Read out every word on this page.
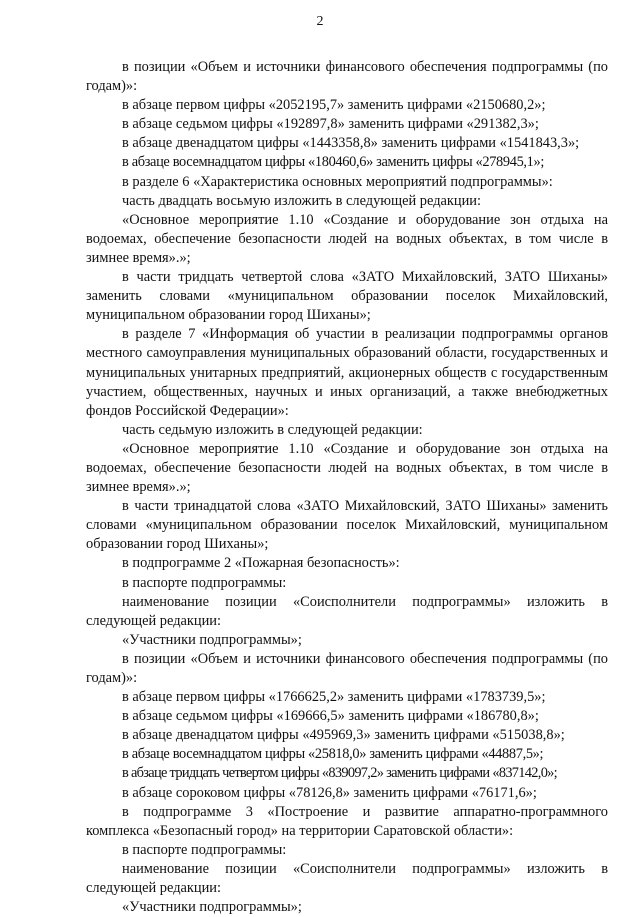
2

в позиции «Объем и источники финансового обеспечения подпрограммы (по годам)»:

в абзаце первом цифры «2052195,7» заменить цифрами «2150680,2»;

в абзаце седьмом цифры «192897,8» заменить цифрами «291382,3»;

в абзаце двенадцатом цифры «1443358,8» заменить цифрами «1541843,3»;

в абзаце восемнадцатом цифры «180460,6» заменить цифры «278945,1»;

в разделе 6 «Характеристика основных мероприятий подпрограммы»:

часть двадцать восьмую изложить в следующей редакции:

«Основное мероприятие 1.10 «Создание и оборудование зон отдыха на водоемах, обеспечение безопасности людей на водных объектах, в том числе в зимнее время».»;

в части тридцать четвертой слова «ЗАТО Михайловский, ЗАТО Шиханы» заменить словами «муниципальном образовании поселок Михайловский, муниципальном образовании город Шиханы»;

в разделе 7 «Информация об участии в реализации подпрограммы органов местного самоуправления муниципальных образований области, государственных и муниципальных унитарных предприятий, акционерных обществ с государственным участием, общественных, научных и иных организаций, а также внебюджетных фондов Российской Федерации»:

часть седьмую изложить в следующей редакции:

«Основное мероприятие 1.10 «Создание и оборудование зон отдыха на водоемах, обеспечение безопасности людей на водных объектах, в том числе в зимнее время».»;

в части тринадцатой слова «ЗАТО Михайловский, ЗАТО Шиханы» заменить словами «муниципальном образовании поселок Михайловский, муниципальном образовании город Шиханы»;

в подпрограмме 2 «Пожарная безопасность»:

в паспорте подпрограммы:

наименование позиции «Соисполнители подпрограммы» изложить в следующей редакции:

«Участники подпрограммы»;

в позиции «Объем и источники финансового обеспечения подпрограммы (по годам)»:

в абзаце первом цифры «1766625,2» заменить цифрами «1783739,5»;

в абзаце седьмом цифры «169666,5» заменить цифрами «186780,8»;

в абзаце двенадцатом цифры «495969,3» заменить цифрами «515038,8»;

в абзаце восемнадцатом цифры «25818,0» заменить цифрами «44887,5»;

в абзаце тридцать четвертом цифры «839097,2» заменить цифрами «837142,0»;

в абзаце сороковом цифры «78126,8» заменить цифрами «76171,6»;

в подпрограмме 3 «Построение и развитие аппаратно-программного комплекса «Безопасный город» на территории Саратовской области»:

в паспорте подпрограммы:

наименование позиции «Соисполнители подпрограммы» изложить в следующей редакции:

«Участники подпрограммы»;
